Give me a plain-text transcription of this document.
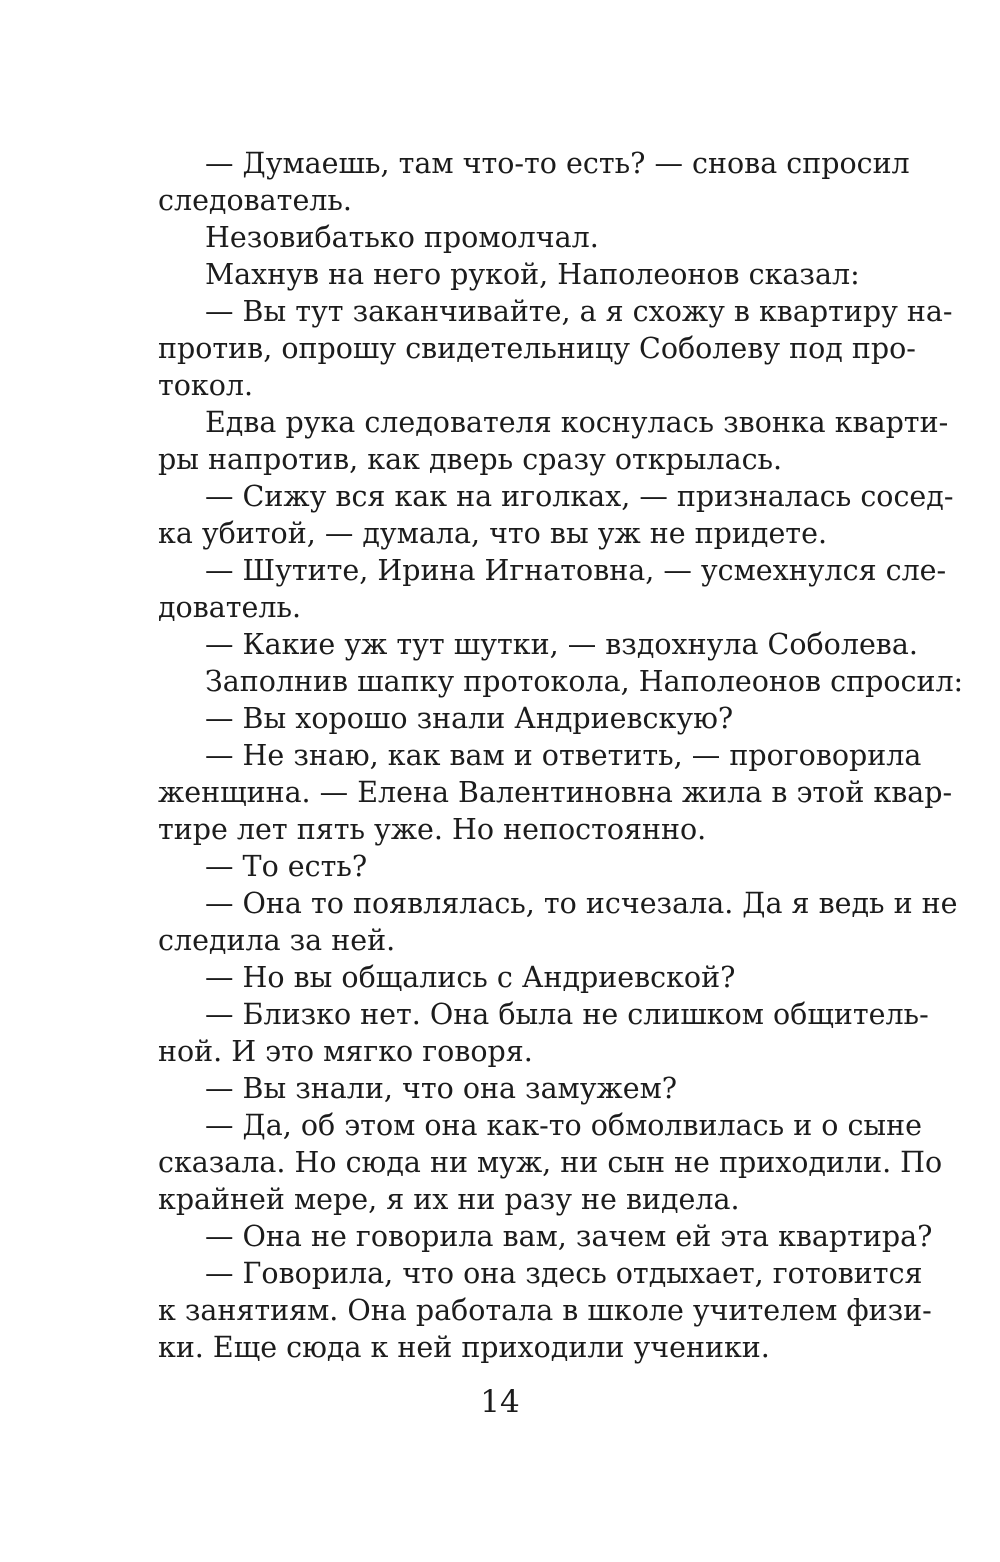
— Думаешь, там что-то есть? — снова спросил
следователь.
Незовибатько промолчал.
Махнув на него рукой, Наполеонов сказал:
— Вы тут заканчивайте, а я схожу в квартиру на-
против, опрошу свидетельницу Соболеву под про-
токол.
Едва рука следователя коснулась звонка кварти-
ры напротив, как дверь сразу открылась.
— Сижу вся как на иголках, — призналась сосед-
ка убитой, — думала, что вы уж не придете.
— Шутите, Ирина Игнатовна, — усмехнулся сле-
дователь.
— Какие уж тут шутки, — вздохнула Соболева.
Заполнив шапку протокола, Наполеонов спросил:
— Вы хорошо знали Андриевскую?
— Не знаю, как вам и ответить, — проговорила
женщина. — Елена Валентиновна жила в этой квар-
тире лет пять уже. Но непостоянно.
— То есть?
— Она то появлялась, то исчезала. Да я ведь и не
следила за ней.
— Но вы общались с Андриевской?
— Близко нет. Она была не слишком общитель-
ной. И это мягко говоря.
— Вы знали, что она замужем?
— Да, об этом она как-то обмолвилась и о сыне
сказала. Но сюда ни муж, ни сын не приходили. По
крайней мере, я их ни разу не видела.
— Она не говорила вам, зачем ей эта квартира?
— Говорила, что она здесь отдыхает, готовится
к занятиям. Она работала в школе учителем физи-
ки. Еще сюда к ней приходили ученики.

14
